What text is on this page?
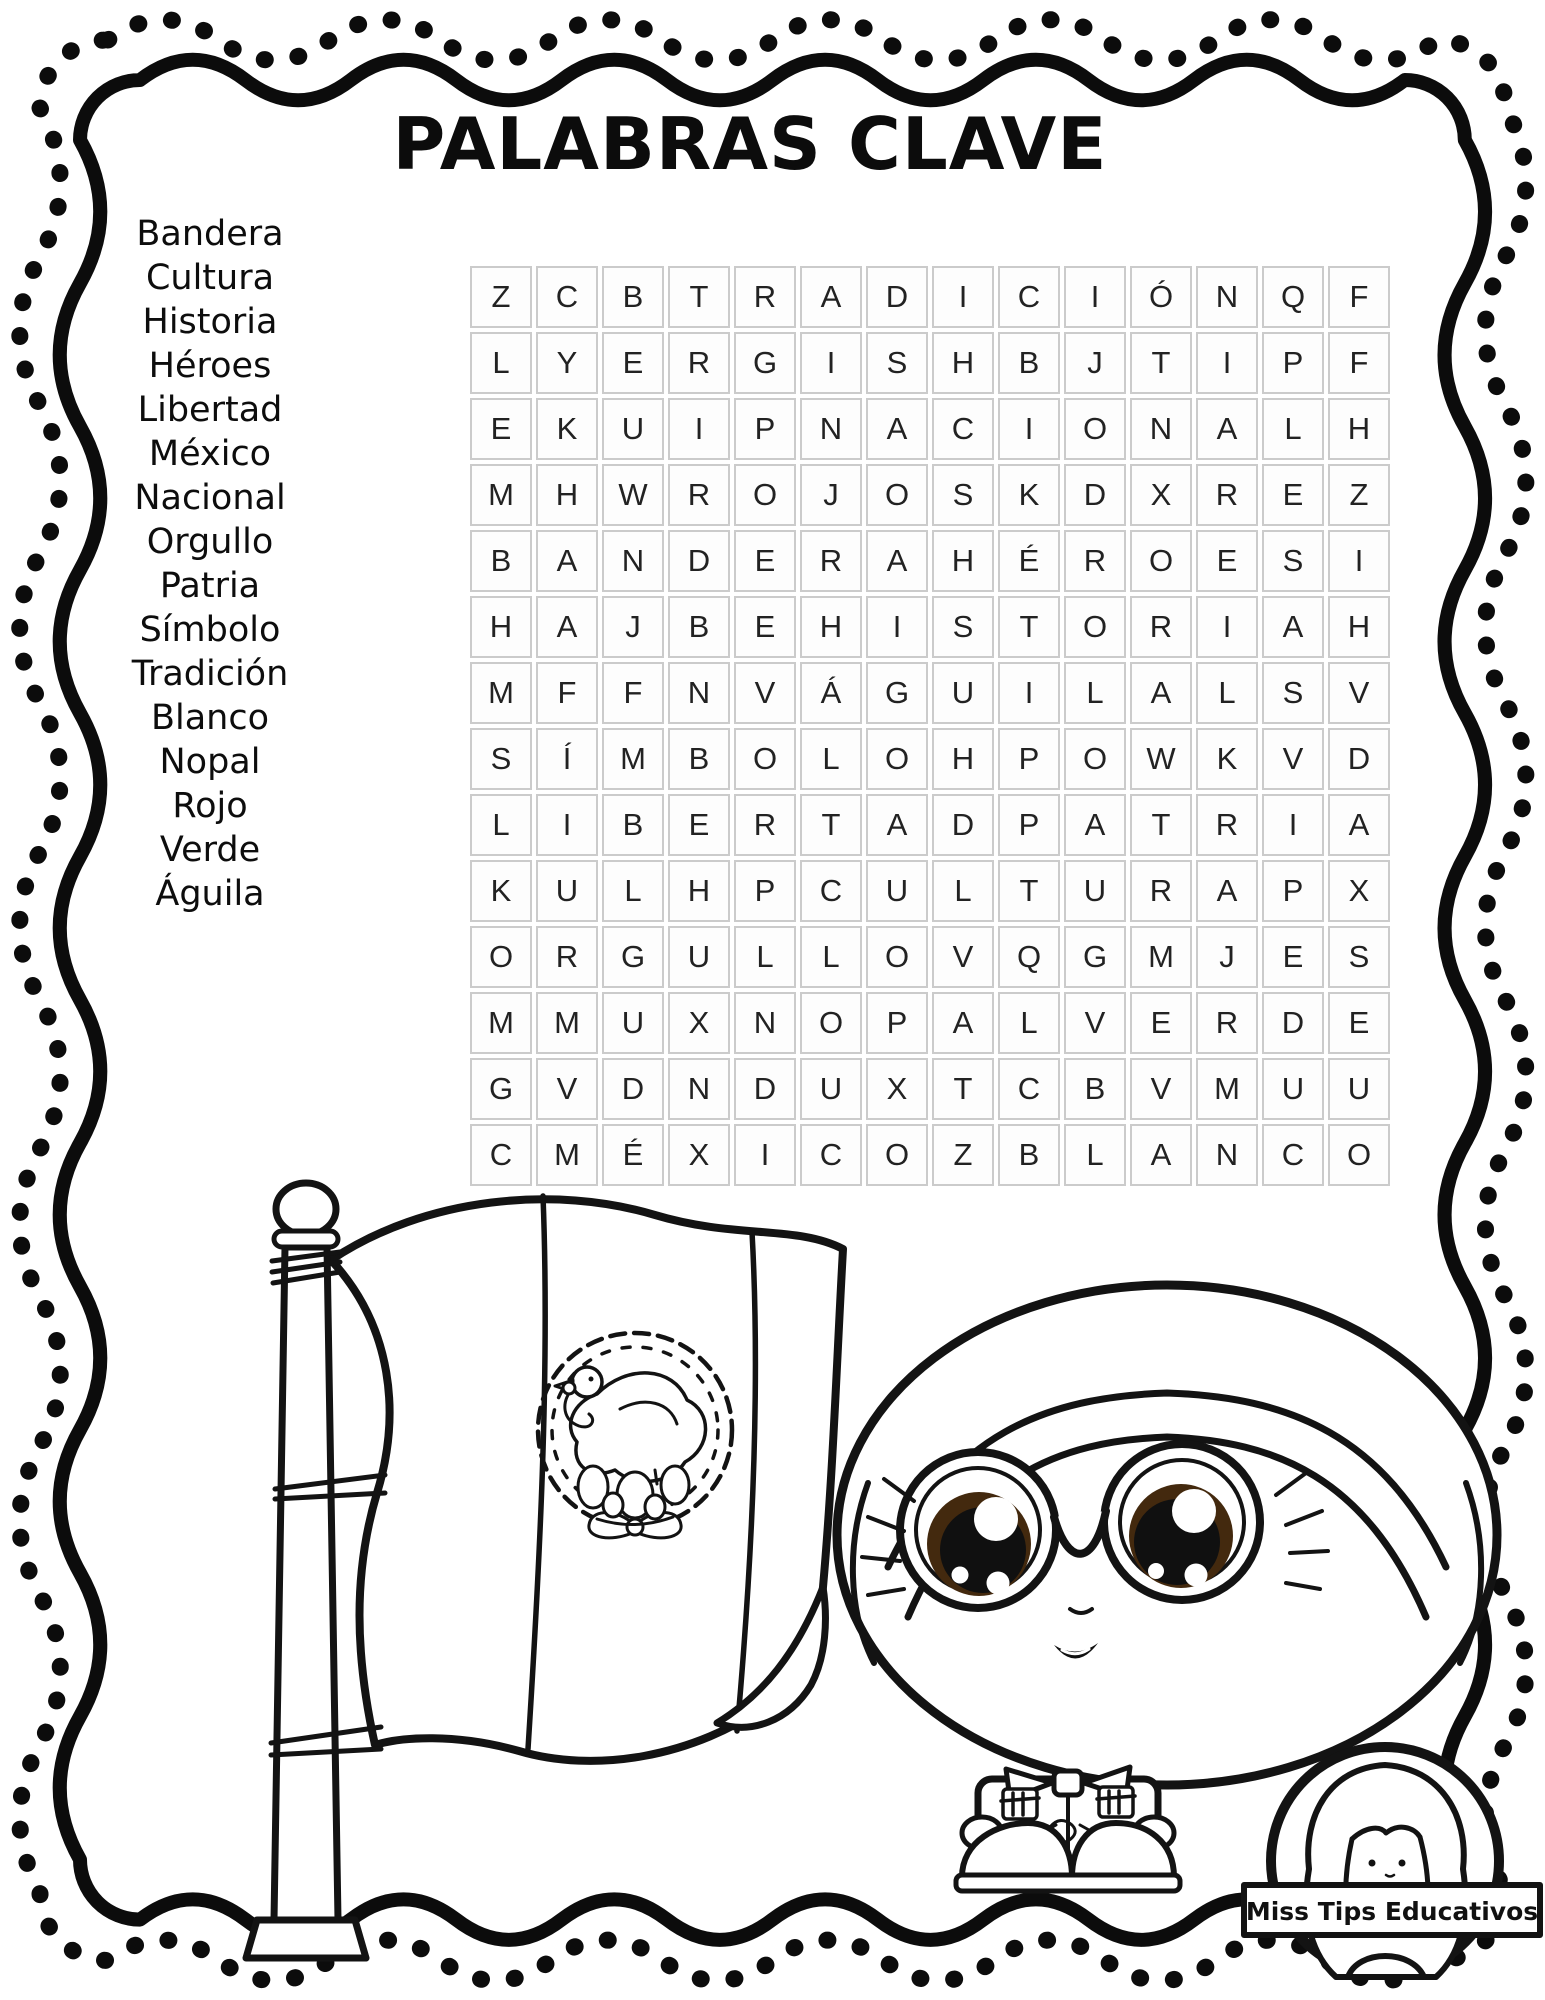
PALABRAS CLAVE
Bandera
Cultura
Historia
Héroes
Libertad
México
Nacional
Orgullo
Patria
Símbolo
Tradición
Blanco
Nopal
Rojo
Verde
Águila
Z	C	B	T	R	A	D	I	C	I	Ó	N	Q	F
L	Y	E	R	G	I	S	H	B	J	T	I	P	F
E	K	U	I	P	N	A	C	I	O	N	A	L	H
M	H	W	R	O	J	O	S	K	D	X	R	E	Z
B	A	N	D	E	R	A	H	É	R	O	E	S	I
H	A	J	B	E	H	I	S	T	O	R	I	A	H
M	F	F	N	V	Á	G	U	I	L	A	L	S	V
S	Í	M	B	O	L	O	H	P	O	W	K	V	D
L	I	B	E	R	T	A	D	P	A	T	R	I	A
K	U	L	H	P	C	U	L	T	U	R	A	P	X
O	R	G	U	L	L	O	V	Q	G	M	J	E	S
M	M	U	X	N	O	P	A	L	V	E	R	D	E
G	V	D	N	D	U	X	T	C	B	V	M	U	U
C	M	É	X	I	C	O	Z	B	L	A	N	C	O
Miss Tips Educativos
